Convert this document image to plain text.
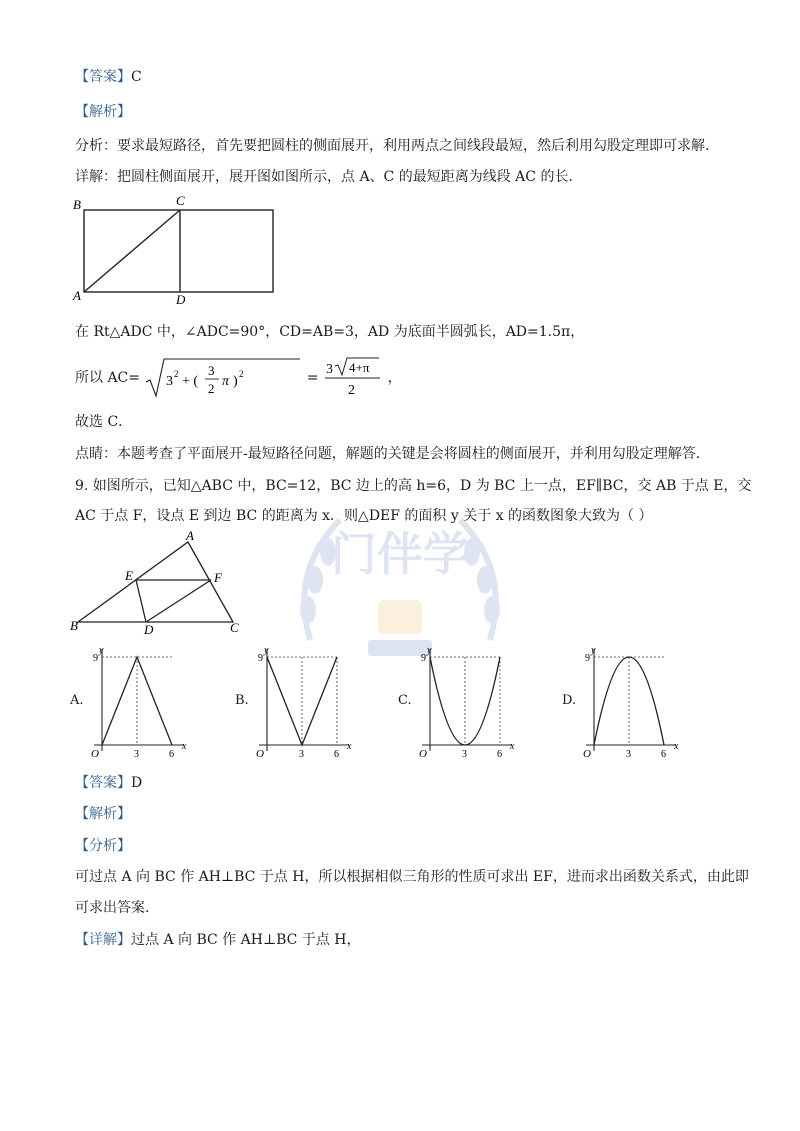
门伴学
【答案】C
【解析】
分析：要求最短路径，首先要把圆柱的侧面展开，利用两点之间线段最短，然后利用勾股定理即可求解．
详解：把圆柱侧面展开，展开图如图所示，点 A、C 的最短距离为线段 AC 的长．
B	C
A	D
在 Rt△ADC 中，∠ADC=90°，CD=AB=3，AD 为底面半圆弧长，AD=1.5π，
所以 AC= 3 2 + (
3
2 π ) 2	=
3 4+π
2
，
故选 C．
点睛：本题考查了平面展开-最短路径问题，解题的关键是会将圆柱的侧面展开，并利用勾股定理解答．
9. 如图所示，已知△ABC 中，BC=12，BC 边上的高 h=6，D 为 BC 上一点，EF∥BC，交 AB 于点 E，交
AC 于点 F，设点 E 到边 BC 的距离为 x．则△DEF 的面积 y 关于 x 的函数图象大致为（ ）
A
E	F
B	D	C
A.
y
x
O
9
3	6
B.
y
x
O
9
3	6
C.
y
x
O
9
3	6
D.
y
x
O
9
3	6
【答案】D
【解析】
【分析】
可过点 A 向 BC 作 AH⊥BC 于点 H，所以根据相似三角形的性质可求出 EF，进而求出函数关系式，由此即
可求出答案．
【详解】过点 A 向 BC 作 AH⊥BC 于点 H，
